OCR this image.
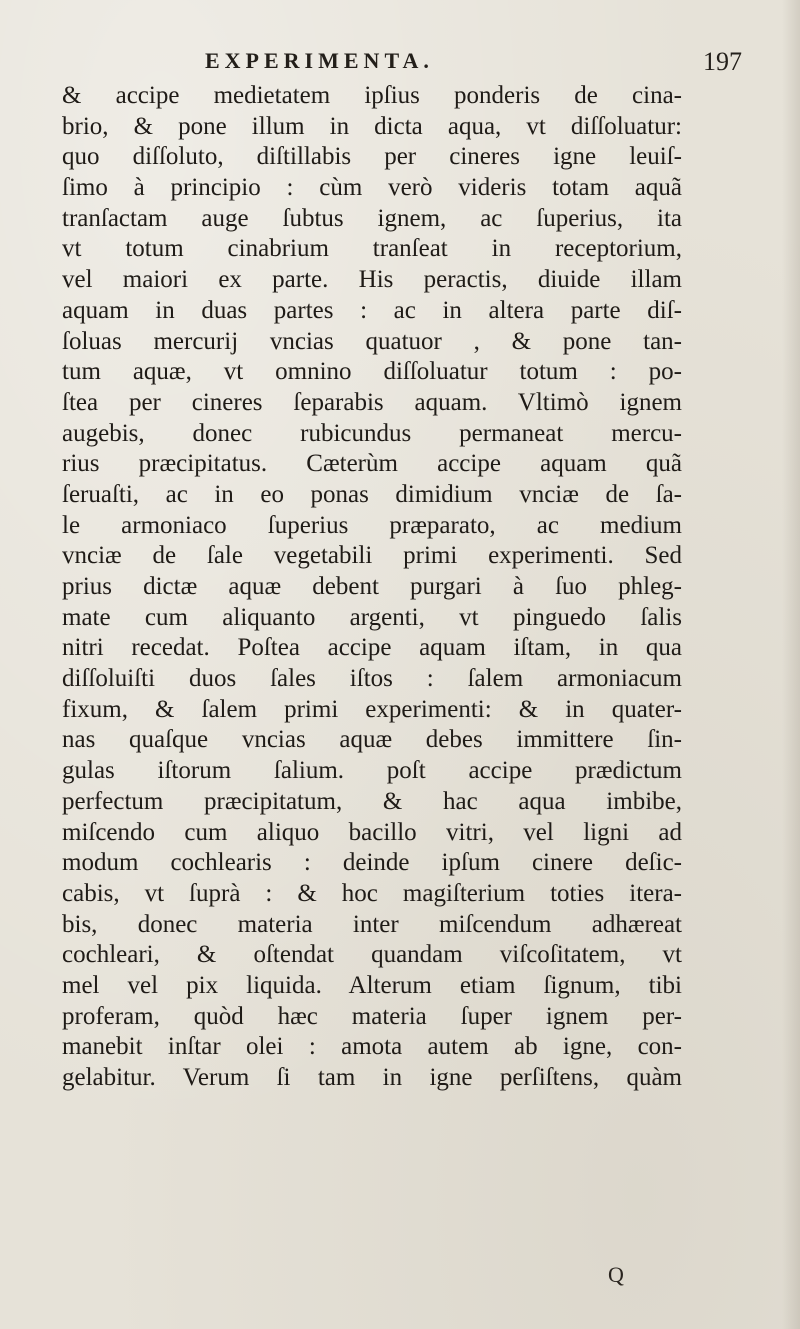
EXPERIMENTA.	197
& accipe medietatem ipſius ponderis de cina-
brio, & pone illum in dicta aqua, vt diſſoluatur:
quo diſſoluto, diſtillabis per cineres igne leuiſ-
ſimo à principio : cùm verò videris totam aquã
tranſactam auge ſubtus ignem, ac ſuperius, ita
vt totum cinabrium tranſeat in receptorium,
vel maiori ex parte. His peractis, diuide illam
aquam in duas partes : ac in altera parte diſ-
ſoluas mercurij vncias quatuor , & pone tan-
tum aquæ, vt omnino diſſoluatur totum : po-
ſtea per cineres ſeparabis aquam. Vltimò ignem
augebis, donec rubicundus permaneat mercu-
rius præcipitatus. Cæterùm accipe aquam quã
ſeruaſti, ac in eo ponas dimidium vnciæ de ſa-
le armoniaco ſuperius præparato, ac medium
vnciæ de ſale vegetabili primi experimenti. Sed
prius dictæ aquæ debent purgari à ſuo phleg-
mate cum aliquanto argenti, vt pinguedo ſalis
nitri recedat. Poſtea accipe aquam iſtam, in qua
diſſoluiſti duos ſales iſtos : ſalem armoniacum
fixum, & ſalem primi experimenti: & in quater-
nas quaſque vncias aquæ debes immittere ſin-
gulas iſtorum ſalium. poſt accipe prædictum
perfectum præcipitatum, & hac aqua imbibe,
miſcendo cum aliquo bacillo vitri, vel ligni ad
modum cochlearis : deinde ipſum cinere deſic-
cabis, vt ſuprà : & hoc magiſterium toties itera-
bis, donec materia inter miſcendum adhæreat
cochleari, & oſtendat quandam viſcoſitatem, vt
mel vel pix liquida. Alterum etiam ſignum, tibi
proferam, quòd hæc materia ſuper ignem per-
manebit inſtar olei : amota autem ab igne, con-
gelabitur. Verum ſi tam in igne perſiſtens, quàm
Q
